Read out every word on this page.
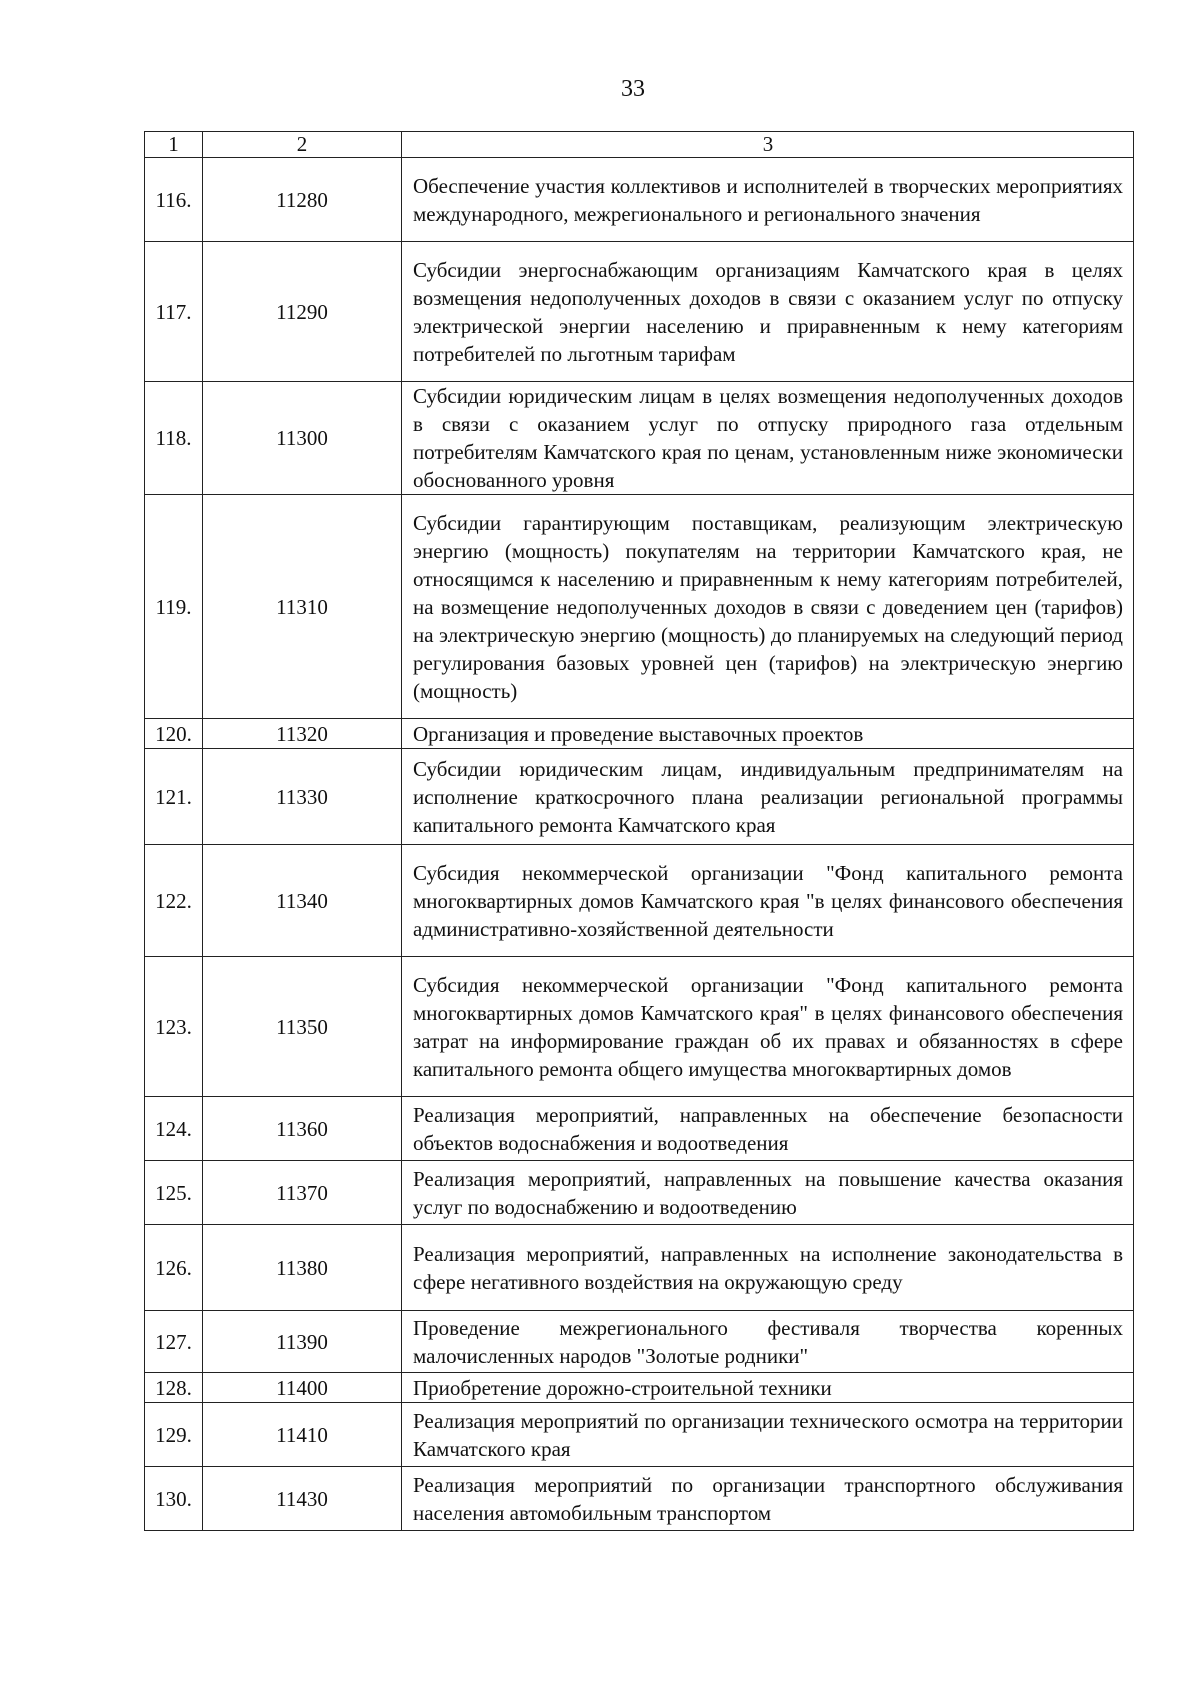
33
1	2	3
116.	11280	Обеспечение участия коллективов и исполнителей в творческих мероприятиях международного, межрегионального и регионального значения
117.	11290	Субсидии энергоснабжающим организациям Камчатского края в целях возмещения недополученных доходов в связи с оказанием услуг по отпуску электрической энергии населению и приравненным к нему категориям потребителей по льготным тарифам
118.	11300	Субсидии юридическим лицам в целях возмещения недополученных доходов в связи с оказанием услуг по отпуску природного газа отдельным потребителям Камчатского края по ценам, установленным ниже экономически обоснованного уровня
119.	11310	Субсидии гарантирующим поставщикам, реализующим электрическую энергию (мощность) покупателям на территории Камчатского края, не относящимся к населению и приравненным к нему категориям потребителей, на возмещение недополученных доходов в связи с доведением цен (тарифов) на электрическую энергию (мощность) до планируемых на следующий период регулирования базовых уровней цен (тарифов) на электрическую энергию (мощность)
120.	11320	Организация и проведение выставочных проектов
121.	11330	Субсидии юридическим лицам, индивидуальным предпринимателям на исполнение краткосрочного плана реализации региональной программы капитального ремонта Камчатского края
122.	11340	Субсидия некоммерческой организации "Фонд капитального ремонта многоквартирных домов Камчатского края "в целях финансового обеспечения административно-хозяйственной деятельности
123.	11350	Субсидия некоммерческой организации "Фонд капитального ремонта многоквартирных домов Камчатского края" в целях финансового обеспечения затрат на информирование граждан об их правах и обязанностях в сфере капитального ремонта общего имущества многоквартирных домов
124.	11360	Реализация мероприятий, направленных на обеспечение безопасности объектов водоснабжения и водоотведения
125.	11370	Реализация мероприятий, направленных на повышение качества оказания услуг по водоснабжению и водоотведению
126.	11380	Реализация мероприятий, направленных на исполнение законодательства в сфере негативного воздействия на окружающую среду
127.	11390	Проведение межрегионального фестиваля творчества коренных малочисленных народов "Золотые родники"
128.	11400	Приобретение дорожно-строительной техники
129.	11410	Реализация мероприятий по организации технического осмотра на территории Камчатского края
130.	11430	Реализация мероприятий по организации транспортного обслуживания населения автомобильным транспортом
